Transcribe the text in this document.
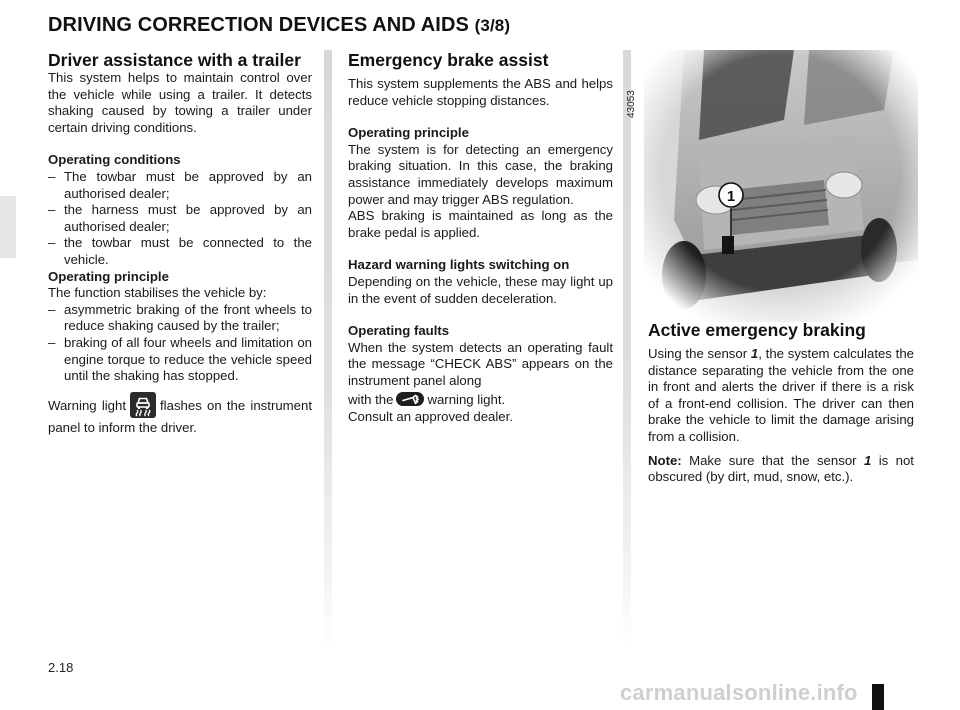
DRIVING CORRECTION DEVICES AND AIDS (3/8)
Driver assistance with a trailer

This system helps to maintain control over the vehicle while using a trailer. It detects shaking caused by towing a trailer under certain driving conditions.

Operating conditions

– The towbar must be approved by an authorised dealer;
– the harness must be approved by an authorised dealer;
– the towbar must be connected to the vehicle.

Operating principle

The function stabilises the vehicle by:

– asymmetric braking of the front wheels to reduce shaking caused by the trailer;
– braking of all four wheels and limitation on engine torque to reduce the vehicle speed until the shaking has stopped.

Warning light	flashes on the instrument panel to inform the driver.

Emergency brake assist

This system supplements the ABS and helps reduce vehicle stopping distances.

Operating principle

The system is for detecting an emergency braking situation. In this case, the braking assistance immediately develops maximum power and may trigger ABS regulation.

ABS braking is maintained as long as the brake pedal is applied.

Hazard warning lights switching on

Depending on the vehicle, these may light up in the event of sudden deceleration.

Operating faults

When the system detects an operating fault the message “CHECK ABS” appears on the instrument panel along

with the	warning light.

Consult an approved dealer.

43053
1
Active emergency braking

Using the sensor 1, the system calculates the distance separating the vehicle from the one in front and alerts the driver if there is a risk of a front-end collision. The driver can then brake the vehicle to limit the damage arising from a collision.

Note: Make sure that the sensor 1 is not obscured (by dirt, mud, snow, etc.).

2.18
carmanualsonline.info
